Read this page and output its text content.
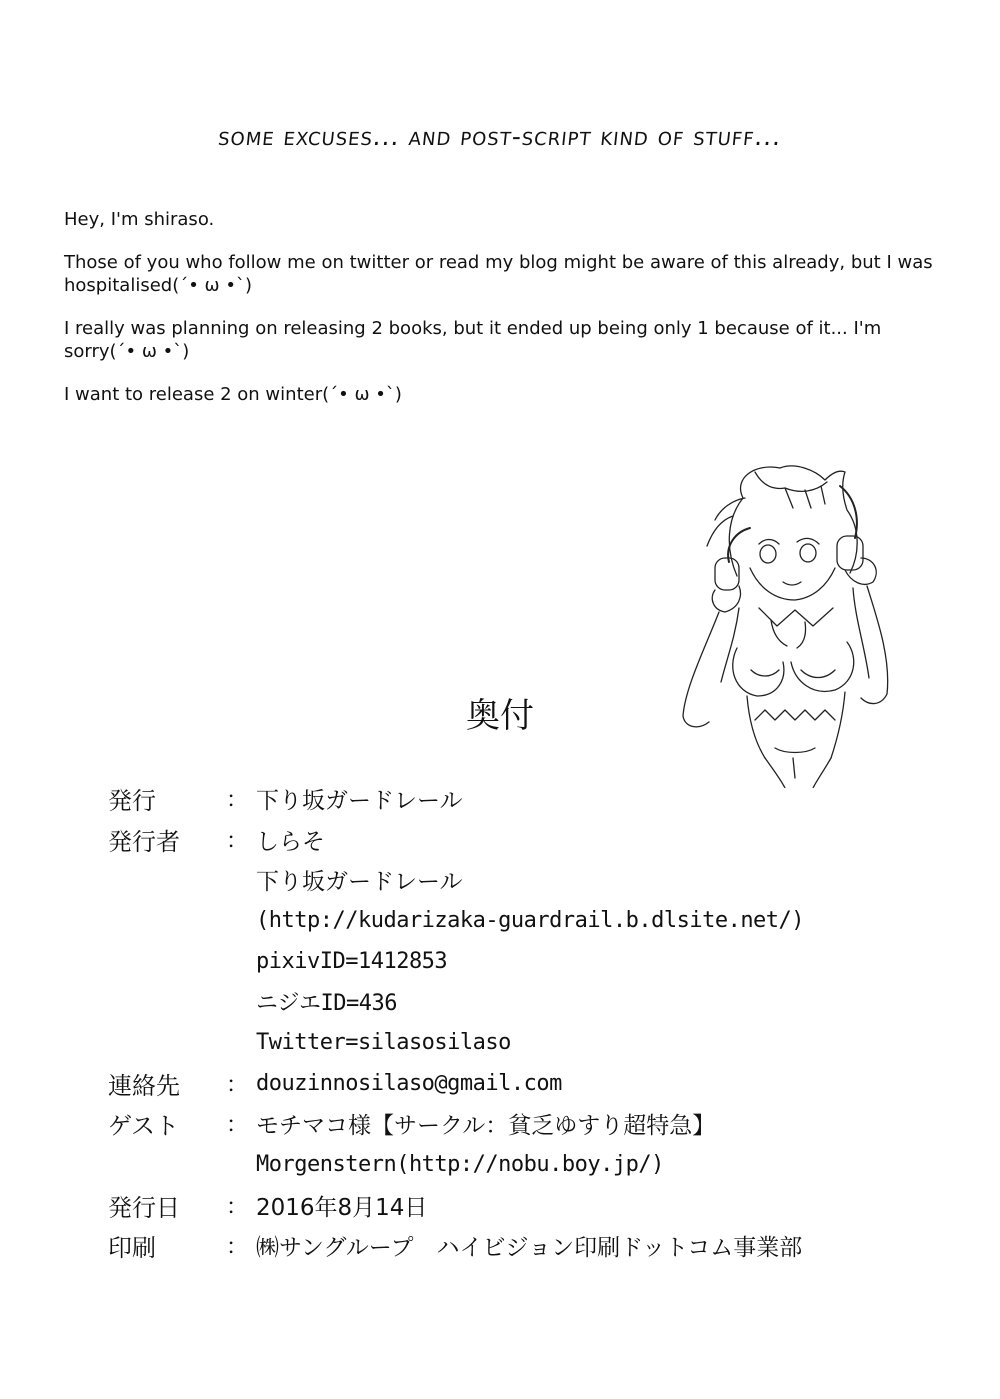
some excuses... and post-script kind of stuff...

Hey, I'm shiraso.

Those of you who follow me on twitter or read my blog might be aware of this already, but I was hospitalised(´• ω •`)

I really was planning on releasing 2 books, but it ended up being only 1 because of it... I'm sorry(´• ω •`)

I want to release 2 on winter(´• ω •`)

奥付
発行	： 下り坂ガードレール
発行者	： しらそ
下り坂ガードレール
(http://kudarizaka-guardrail.b.dlsite.net/)
pixivID=1412853
ニジエID=436
Twitter=silasosilaso
連絡先	： douzinnosilaso@gmail.com
ゲスト	： モチマコ様【サークル：貧乏ゆすり超特急】
Morgenstern(http://nobu.boy.jp/)
発行日	： 2016年8月14日
印刷	： ㈱サングループ　ハイビジョン印刷ドットコム事業部
